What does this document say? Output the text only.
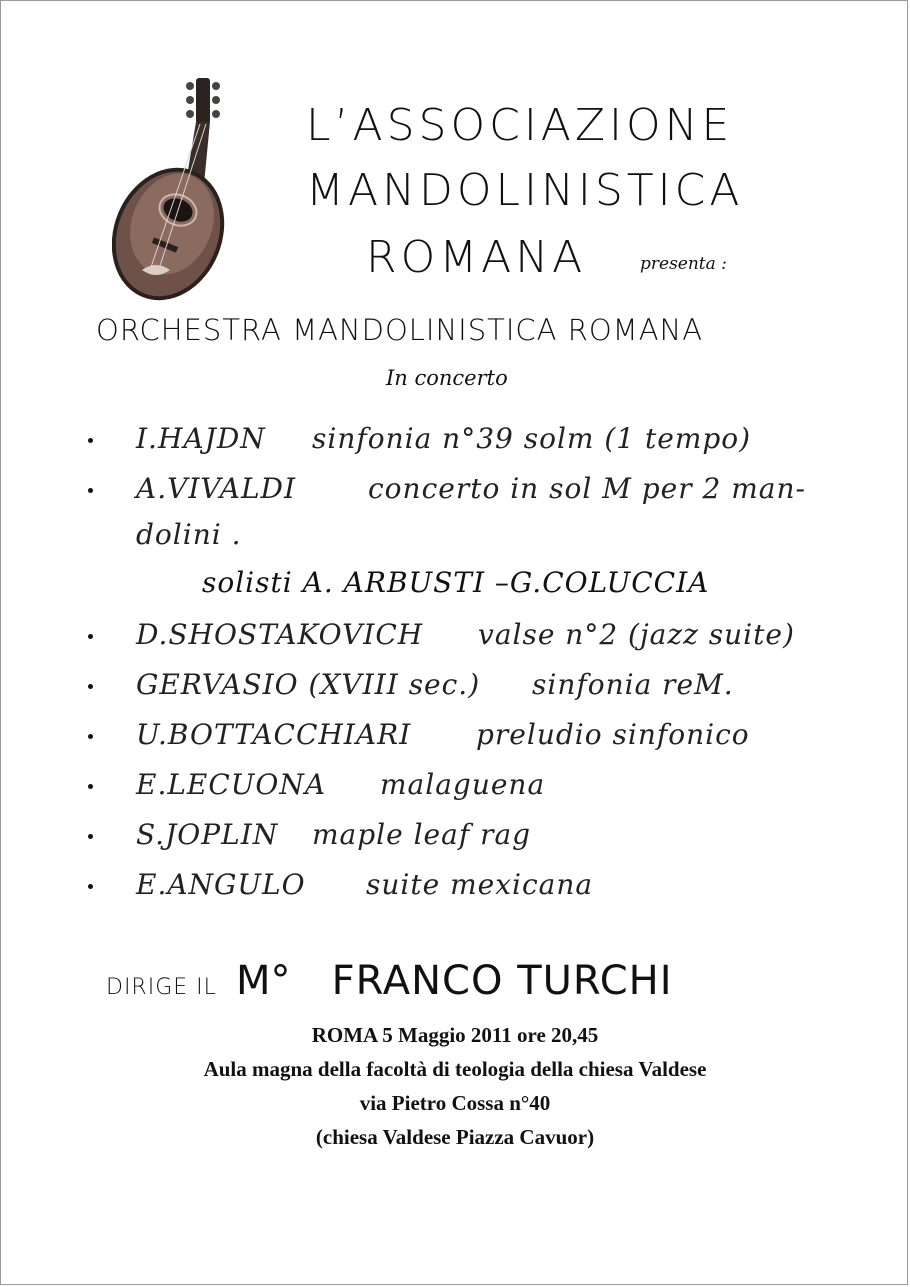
L’ASSOCIAZIONE
MANDOLINISTICA
ROMANA	presenta :
ORCHESTRA MANDOLINISTICA ROMANA
In concerto
I.HAJDN sinfonia n°39 solm (1 tempo)
A.VIVALDI	concerto in sol M per 2 man-
dolini .
solisti A. ARBUSTI –G.COLUCCIA
D.SHOSTAKOVICH valse n°2 (jazz suite)
GERVASIO (XVIII sec.) sinfonia reM.
U.BOTTACCHIARI preludio sinfonico
E.LECUONA malaguena
S.JOPLIN maple leaf rag
E.ANGULO suite mexicana
DIRIGE IL M° FRANCO TURCHI
ROMA 5 Maggio 2011 ore 20,45
Aula magna della facoltà di teologia della chiesa Valdese
via Pietro Cossa n°40
(chiesa Valdese Piazza Cavuor)
